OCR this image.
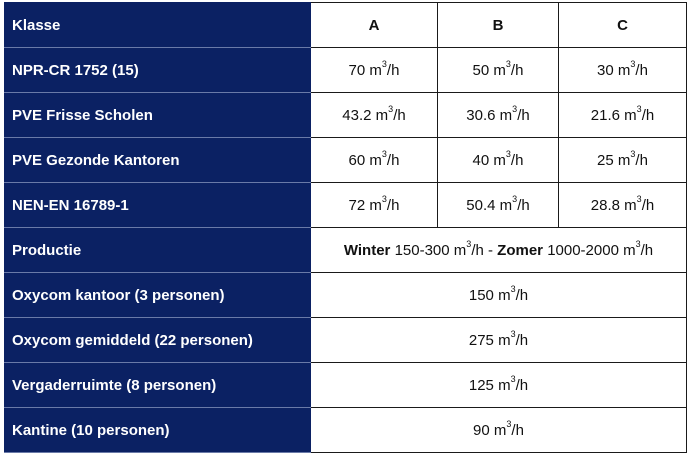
Klasse	A	B	C
NPR-CR 1752 (15)	70 $m^3/h$	50 $m^3/h$	30 $m^3/h$
PVE Frisse Scholen	43.2 $m^3/h$	30.6 $m^3/h$	21.6 $m^3/h$
PVE Gezonde Kantoren	60 $m^3/h$	40 $m^3/h$	25 $m^3/h$
NEN-EN 16789-1	72 $m^3/h$	50.4 $m^3/h$	28.8 $m^3/h$
Productie	Winter 150-300 $m^3/h$ - Zomer 1000-2000 $m^3/h$		
Oxycom kantoor (3 personen)	150 $m^3/h$		
Oxycom gemiddeld (22 personen)	275 $m^3/h$		
Vergaderruimte (8 personen)	125 $m^3/h$		
Kantine (10 personen)	90 $m^3/h$		
